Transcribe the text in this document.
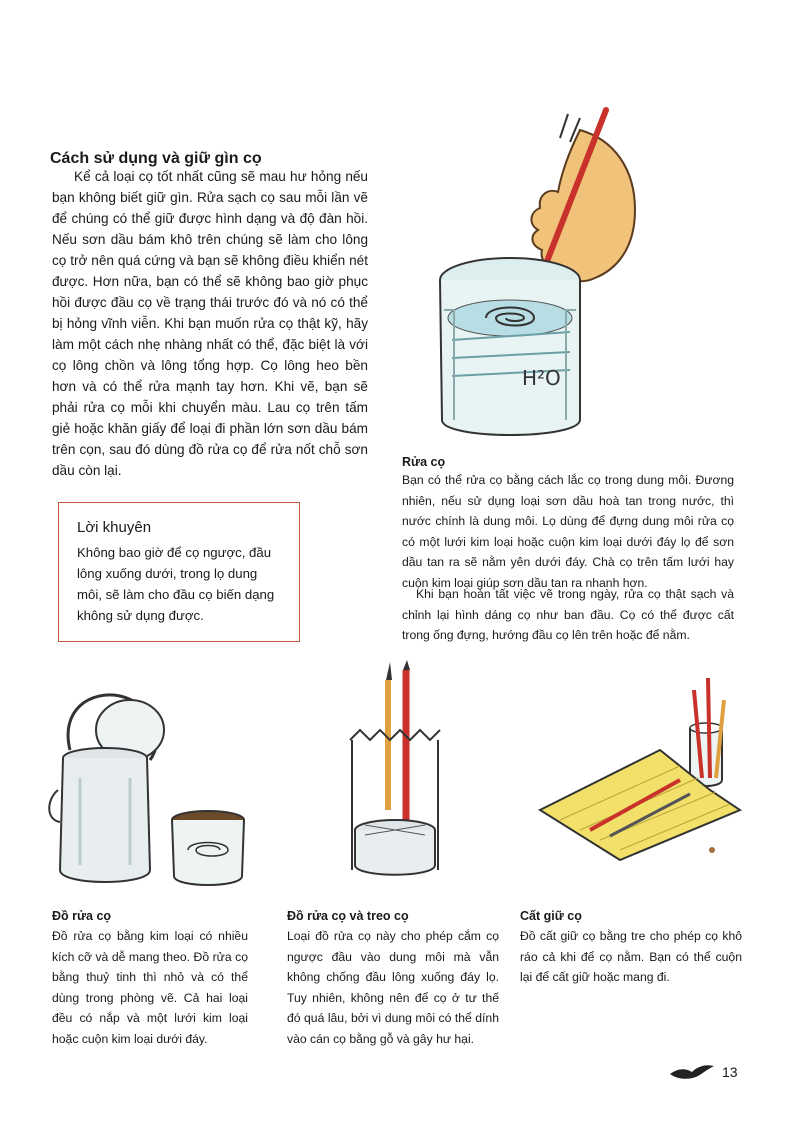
Cách sử dụng và giữ gìn cọ
Kể cả loại cọ tốt nhất cũng sẽ mau hư hỏng nếu bạn không biết giữ gìn. Rửa sạch cọ sau mỗi lần vẽ để chúng có thể giữ được hình dạng và độ đàn hồi. Nếu sơn dầu bám khô trên chúng sẽ làm cho lông cọ trở nên quá cứng và bạn sẽ không điều khiển nét được. Hơn nữa, bạn có thể sẽ không bao giờ phục hồi được đầu cọ về trạng thái trước đó và nó có thể bị hỏng vĩnh viễn. Khi bạn muốn rửa cọ thật kỹ, hãy làm một cách nhẹ nhàng nhất có thể, đặc biệt là với cọ lông chồn và lông tổng hợp. Cọ lông heo bền hơn và có thể rửa mạnh tay hơn. Khi vẽ, bạn sẽ phải rửa cọ mỗi khi chuyển màu. Lau cọ trên tấm giẻ hoặc khăn giấy để loại đi phần lớn sơn dầu bám trên cọn, sau đó dùng đồ rửa cọ để rửa nốt chỗ sơn dầu còn lại.
H²O
Lời khuyên
Không bao giờ để cọ ngược, đầu lông xuống dưới, trong lọ dung môi, sẽ làm cho đầu cọ biến dạng không sử dụng được.
Rửa cọ
Bạn có thể rửa cọ bằng cách lắc cọ trong dung môi. Đương nhiên, nếu sử dụng loại sơn dầu hoà tan trong nước, thì nước chính là dung môi. Lọ dùng để đựng dung môi rửa cọ có một lưới kim loại hoặc cuộn kim loại dưới đáy lọ để sơn dầu tan ra sẽ nằm yên dưới đáy. Chà cọ trên tấm lưới hay cuộn kim loại giúp sơn dầu tan ra nhanh hơn.
Khi bạn hoàn tất việc vẽ trong ngày, rửa cọ thật sạch và chỉnh lại hình dáng cọ như ban đầu. Cọ có thể được cất trong ống đựng, hướng đầu cọ lên trên hoặc để nằm.
Đồ rửa cọ
Đồ rửa cọ bằng kim loại có nhiều kích cỡ và dễ mang theo. Đồ rửa cọ bằng thuỷ tinh thì nhỏ và có thể dùng trong phòng vẽ. Cả hai loại đều có nắp và một lưới kim loại hoặc cuộn kim loại dưới đáy.
Đồ rửa cọ và treo cọ
Loại đồ rửa cọ này cho phép cắm cọ ngược đầu vào dung môi mà vẫn không chống đầu lông xuống đáy lọ. Tuy nhiên, không nên để cọ ở tư thế đó quá lâu, bởi vì dung môi có thể dính vào cán cọ bằng gỗ và gây hư hại.
Cất giữ cọ
Đồ cất giữ cọ bằng tre cho phép cọ khô ráo cả khi để cọ nằm. Bạn có thể cuộn lại để cất giữ hoặc mang đi.
13
